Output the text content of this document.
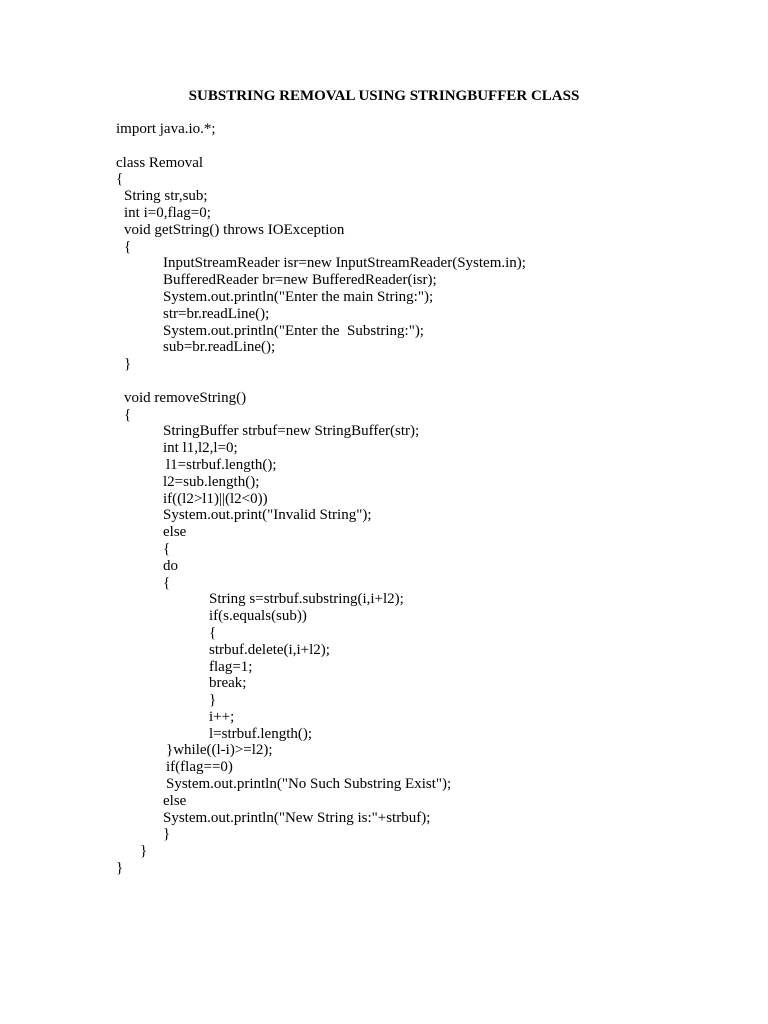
SUBSTRING REMOVAL USING STRINGBUFFER CLASS
import java.io.*;
class Removal
{
String str,sub;
int i=0,flag=0;
void getString() throws IOException
{
InputStreamReader isr=new InputStreamReader(System.in);
BufferedReader br=new BufferedReader(isr);
System.out.println("Enter the main String:");
str=br.readLine();
System.out.println("Enter the  Substring:");
sub=br.readLine();
}
void removeString()
{
StringBuffer strbuf=new StringBuffer(str);
int l1,l2,l=0;
l1=strbuf.length();
l2=sub.length();
if((l2>l1)||(l2<0))
System.out.print("Invalid String");
else
{
do
{
String s=strbuf.substring(i,i+l2);
if(s.equals(sub))
{
strbuf.delete(i,i+l2);
flag=1;
break;
}
i++;
l=strbuf.length();
}while((l-i)>=l2);
if(flag==0)
System.out.println("No Such Substring Exist");
else
System.out.println("New String is:"+strbuf);
}
}
}
